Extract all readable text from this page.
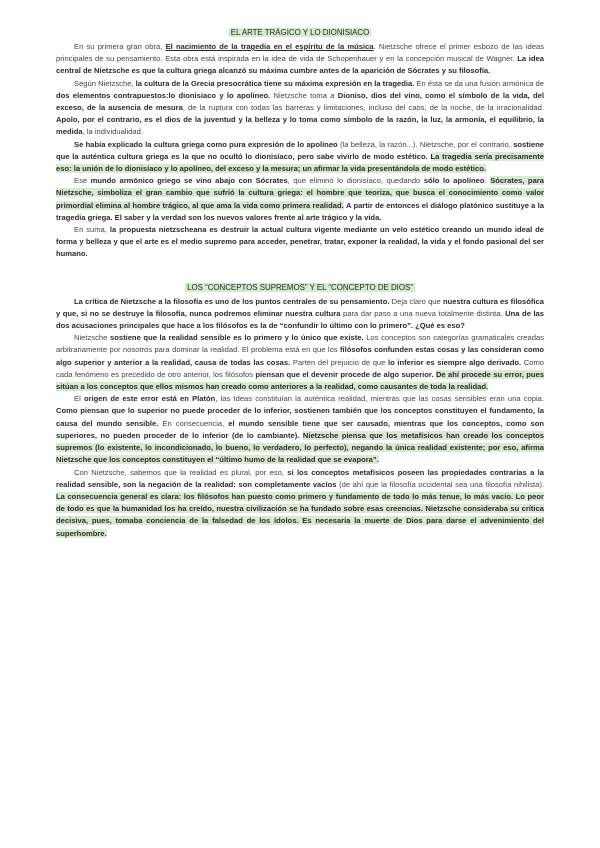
EL ARTE TRÁGICO Y LO DIONISIACO

En su primera gran obra, El nacimiento de la tragedia en el espíritu de la música. Nietzsche ofrece el primer esbozo de las ideas principales de su pensamiento. Esta obra está inspirada en la idea de vida de Schopenhauer y en la concepción musical de Wagner. La idea central de Nietzsche es que la cultura griega alcanzó su máxima cumbre antes de la aparición de Sócrates y su filosofía.

Según Nietzsche, la cultura de la Grecia presocrática tiene su máxima expresión en la tragedia. En ésta se da una fusión armónica de dos elementos contrapuestos:lo dionisiaco y lo apolíneo. Nietzsche toma a Dioniso, dios del vino, como el símbolo de la vida, del exceso, de la ausencia de mesura, de la ruptura con todas las barreras y limitaciones, incluso del caos, de la noche, de la irracionalidad. Apolo, por el contrario, es el dios de la juventud y la belleza y lo toma como símbolo de la razón, la luz, la armonía, el equilibrio, la medida, la individualidad.

Se había explicado la cultura griega como pura expresión de lo apolíneo (la belleza, la razón...). Nietzsche, por el contrario, sostiene que la auténtica cultura griega es la que no ocultó lo dionisíaco, pero sabe vivirlo de modo estético. La tragedia sería precisamente eso: la unión de lo dionisíaco y lo apolíneo, del exceso y la mesura; un afirmar la vida presentándola de modo estético.

Ese mundo armónico griego se vino abajo con Sócrates, que eliminó lo dionisíaco, quedando sólo lo apolíneo. Sócrates, para Nietzsche, simboliza el gran cambio que sufrió la cultura griega: el hombre que teoriza, que busca el conocimiento como valor primordial elimina al hombre trágico, al que ama la vida como primera realidad. A partir de entonces el diálogo platónico sustituye a la tragedia griega. El saber y la verdad son los nuevos valores frente al arte trágico y la vida.

En suma, la propuesta nietzscheana es destruir la actual cultura vigente mediante un velo estético creando un mundo ideal de forma y belleza y que el arte es el medio supremo para acceder, penetrar, tratar, exponer la realidad, la vida y el fondo pasional del ser humano.

LOS “CONCEPTOS SUPREMOS” Y EL “CONCEPTO DE DIOS”

La crítica de Nietzsche a la filosofía es uno de los puntos centrales de su pensamiento. Deja claro que nuestra cultura es filosófica y que, si no se destruye la filosofía, nunca podremos eliminar nuestra cultura para dar paso a una nueva totalmente distinta. Una de las dos acusaciones principales que hace a los filósofos es la de “confundir lo último con lo primero”. ¿Qué es eso?

Nietzsche sostiene que la realidad sensible es lo primero y lo único que existe. Los conceptos son categorías gramaticales creadas arbitrariamente por nosotros para dominar la realidad. El problema está en que los filósofos confunden estas cosas y las consideran como algo superior y anterior a la realidad, causa de todas las cosas. Parten del prejuicio de que lo inferior es siempre algo derivado. Como cada fenómeno es precedido de otro anterior, los filósofos piensan que el devenir procede de algo superior. De ahí procede su error, pues sitúan a los conceptos que ellos mismos han creado como anteriores a la realidad, como causantes de toda la realidad.

El origen de este error está en Platón, las Ideas constituían la auténtica realidad, mientras que las cosas sensibles eran una copia. Como piensan que lo superior no puede proceder de lo inferior, sostienen también que los conceptos constituyen el fundamento, la causa del mundo sensible. En consecuencia, el mundo sensible tiene que ser causado, mientras que los conceptos, como son superiores, no pueden proceder de lo inferior (de lo cambiante). Nietzsche piensa que los metafísicos han creado los conceptos supremos (lo existente, lo incondicionado, lo bueno, lo verdadero, lo perfecto), negando la única realidad existente; por eso, afirma Nietzsche que los conceptos constituyen el “último humo de la realidad que se evapora”.

Con Nietzsche, sabemos que la realidad es plural, por eso, si los conceptos metafísicos poseen las propiedades contrarias a la realidad sensible, son la negación de la realidad: son completamente vacíos (de ahí que la filosofía occidental sea una filosofía nihilista). La consecuencia general es clara: los filósofos han puesto como primero y fundamento de todo lo más tenue, lo más vacío. Lo peor de todo es que la humanidad los ha creído, nuestra civilización se ha fundado sobre esas creencias. Nietzsche consideraba su crítica decisiva, pues, tomaba conciencia de la falsedad de los ídolos. Es necesaria la muerte de Dios para darse el advenimiento del superhombre.
